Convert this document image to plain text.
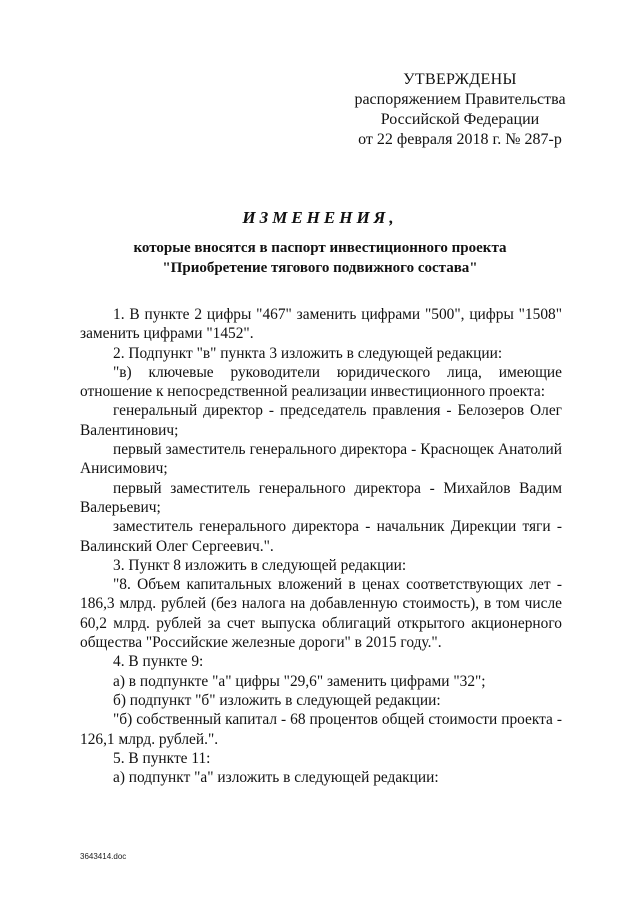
УТВЕРЖДЕНЫ
распоряжением Правительства
Российской Федерации
от 22 февраля 2018 г. № 287-р
ИЗМЕНЕНИЯ,
которые вносятся в паспорт инвестиционного проекта
"Приобретение тягового подвижного состава"

1. В пункте 2 цифры "467" заменить цифрами "500", цифры "1508" заменить цифрами "1452".

2. Подпункт "в" пункта 3 изложить в следующей редакции:

"в) ключевые руководители юридического лица, имеющие отношение к непосредственной реализации инвестиционного проекта:

генеральный директор - председатель правления - Белозеров Олег Валентинович;

первый заместитель генерального директора - Краснощек Анатолий Анисимович;

первый заместитель генерального директора - Михайлов Вадим Валерьевич;

заместитель генерального директора - начальник Дирекции тяги - Валинский Олег Сергеевич.".

3. Пункт 8 изложить в следующей редакции:

"8. Объем капитальных вложений в ценах соответствующих лет - 186,3 млрд. рублей (без налога на добавленную стоимость), в том числе 60,2 млрд. рублей за счет выпуска облигаций открытого акционерного общества "Российские железные дороги" в 2015 году.".

4. В пункте 9:

а) в подпункте "а" цифры "29,6" заменить цифрами "32";

б) подпункт "б" изложить в следующей редакции:

"б) собственный капитал - 68 процентов общей стоимости проекта - 126,1 млрд. рублей.".

5. В пункте 11:

а) подпункт "а" изложить в следующей редакции:

3643414.doc
